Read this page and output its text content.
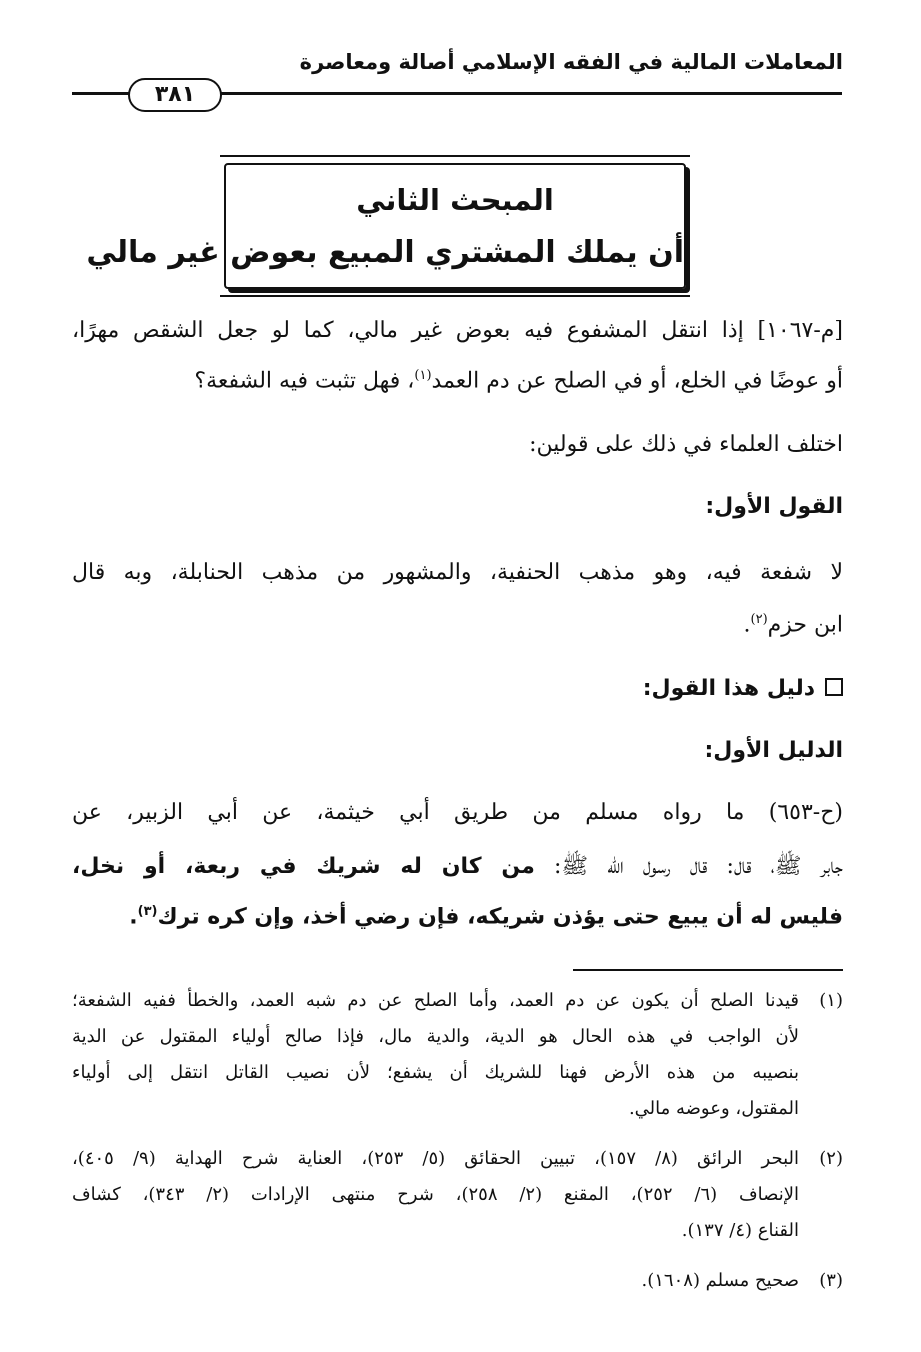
المعاملات المالية في الفقه الإسلامي أصالة ومعاصرة
٣٨١
المبحث الثاني
أن يملك المشتري المبيع بعوض غير مالي
[م-١٠٦٧] إذا انتقل المشفوع فيه بعوض غير مالي، كما لو جعل الشقص مهرًا،
أو عوضًا في الخلع، أو في الصلح عن دم العمد$^{(١)}$، فهل تثبت فيه الشفعة؟
اختلف العلماء في ذلك على قولين:
القول الأول:
لا شفعة فيه، وهو مذهب الحنفية، والمشهور من مذهب الحنابلة، وبه قال
ابن حزم$^{(٢)}$.
دليل هذا القول:
الدليل الأول:
(ح-٦٥٣) ما رواه مسلم من طريق أبي خيثمة، عن أبي الزبير، عن
جابر ﷺ، قال: قال رسول الله ﷺ: من كان له شريك في ربعة، أو نخل،
فليس له أن يبيع حتى يؤذن شريكه، فإن رضي أخذ، وإن كره ترك$^{(٣)}$.
(١)قيدنا الصلح أن يكون عن دم العمد، وأما الصلح عن دم شبه العمد، والخطأ ففيه الشفعة؛
لأن الواجب في هذه الحال هو الدية، والدية مال، فإذا صالح أولياء المقتول عن الدية
بنصيبه من هذه الأرض فهنا للشريك أن يشفع؛ لأن نصيب القاتل انتقل إلى أولياء
المقتول، وعوضه مالي.
(٢)البحر الرائق (٨/ ١٥٧)، تبيين الحقائق (٥/ ٢٥٣)، العناية شرح الهداية (٩/ ٤٠٥)،
الإنصاف (٦/ ٢٥٢)، المقنع (٢/ ٢٥٨)، شرح منتهى الإرادات (٢/ ٣٤٣)، كشاف
القناع (٤/ ١٣٧).
(٣)صحيح مسلم (١٦٠٨).
